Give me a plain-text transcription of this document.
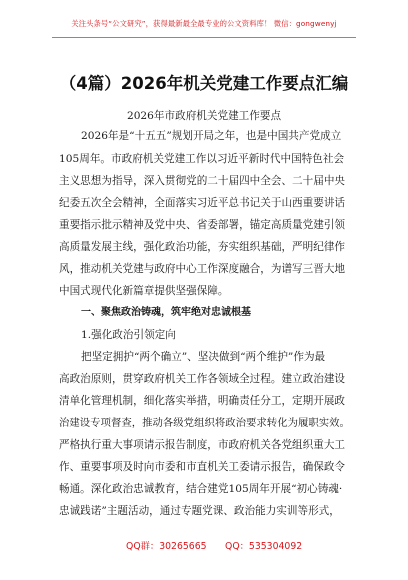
关注头条号“公文研究”，获得最新最全最专业的公文资料库！ 微信：gongwenyj
（4篇）2026年机关党建工作要点汇编
2026年市政府机关党建工作要点
2026年是“十五五”规划开局之年，也是中国共产党成立
105周年。市政府机关党建工作以习近平新时代中国特色社会
主义思想为指导，深入贯彻党的二十届四中全会、二十届中央
纪委五次全会精神，全面落实习近平总书记关于山西重要讲话
重要指示批示精神及党中央、省委部署，锚定高质量党建引领
高质量发展主线，强化政治功能，夯实组织基础，严明纪律作
风，推动机关党建与政府中心工作深度融合，为谱写三晋大地
中国式现代化新篇章提供坚强保障。
一、聚焦政治铸魂，筑牢绝对忠诚根基
1.强化政治引领定向
把坚定拥护“两个确立”、坚决做到“两个维护”作为最
高政治原则，贯穿政府机关工作各领域全过程。建立政治建设
清单化管理机制，细化落实举措，明确责任分工，定期开展政
治建设专项督查，推动各级党组织将政治要求转化为履职实效。
严格执行重大事项请示报告制度，市政府机关各党组织重大工
作、重要事项及时向市委和市直机关工委请示报告，确保政令
畅通。深化政治忠诚教育，结合建党105周年开展“初心铸魂·
忠诚践诺”主题活动，通过专题党课、政治能力实训等形式，
QQ群：30265665 QQ：535304092
